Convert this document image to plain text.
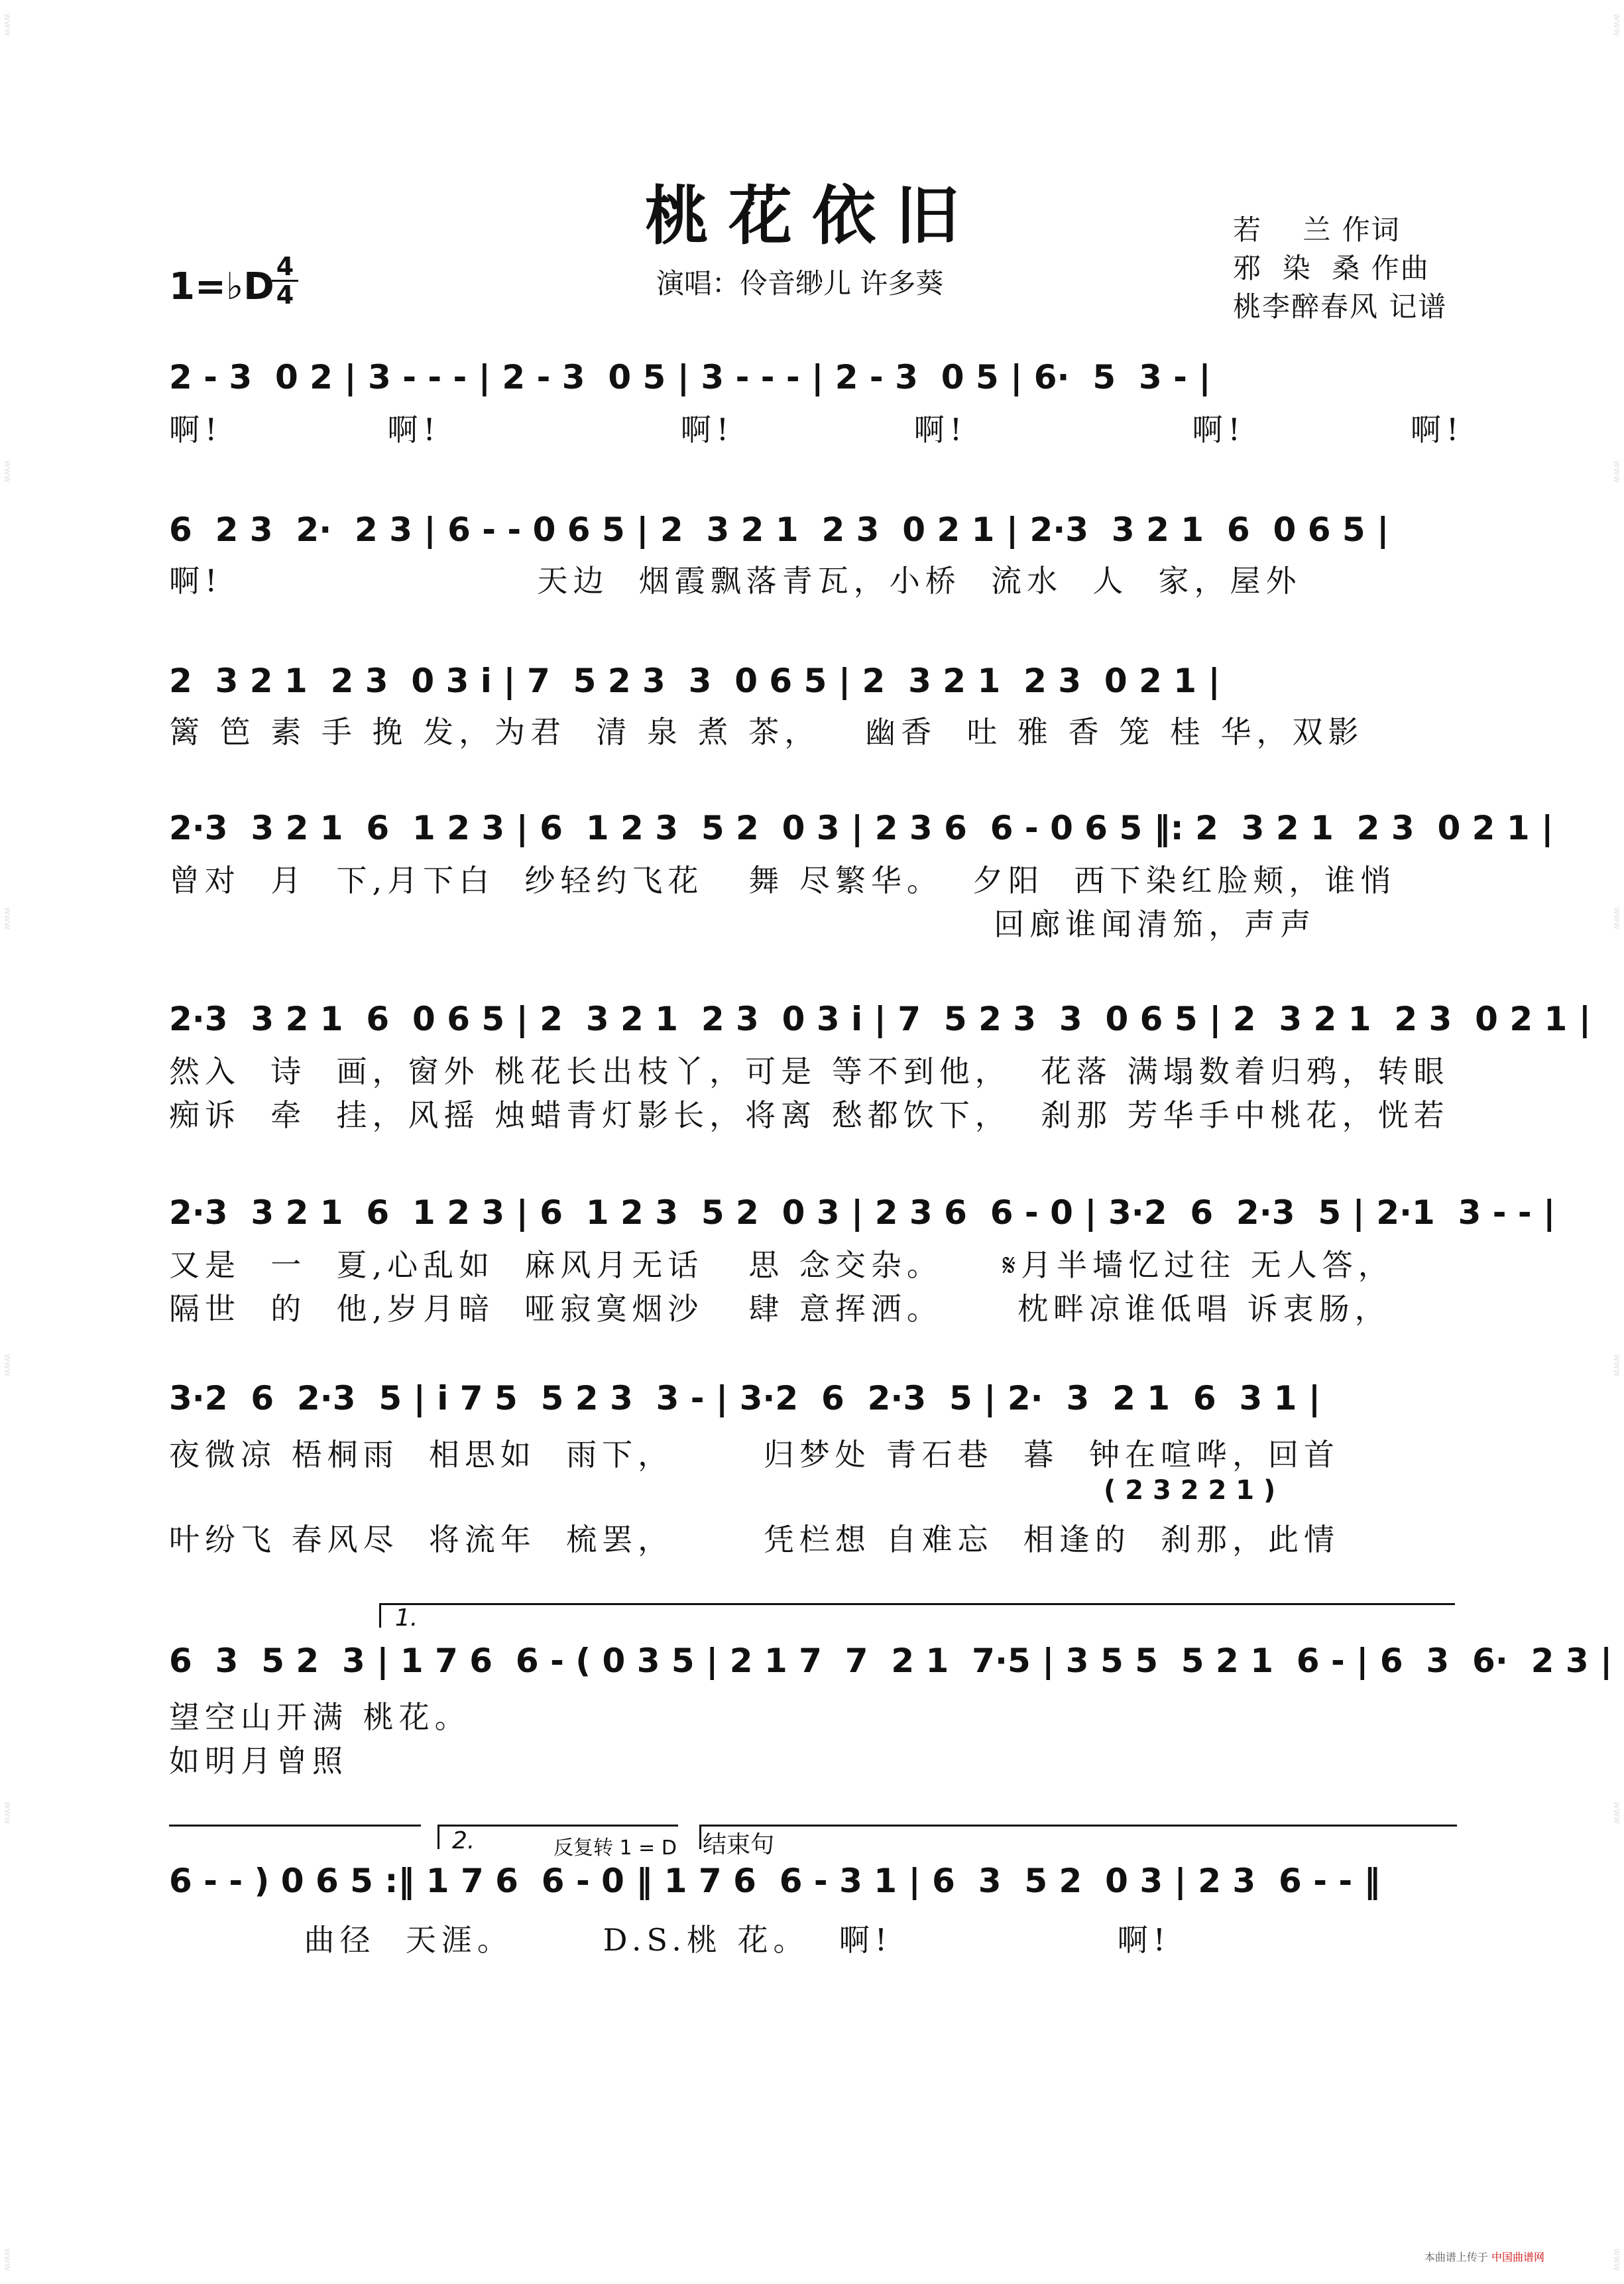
www
www
www
www
www
www
www
www
www
www
www
www
桃花依旧
1=♭D
$\frac{4}{4}$	演唱：伶音缈儿 许多葵
若    兰 作词
邪  染  桑 作曲
桃李醉春风 记谱
2 - 3  0 2 | 3 - - - | 2 - 3  0 5 | 3 - - - | 2 - 3  0 5 | 6·  5  3 - |
啊!           啊!                啊!            啊!               啊!           啊!
6  2 3  2·  2 3 | 6 - - 0 6 5 | 2  3 2 1  2 3  0 2 1 | 2·3  3 2 1  6  0 6 5 |
啊!                     天边  烟霞飘落青瓦，小桥  流水  人  家，屋外
2  3 2 1  2 3  0 3 i | 7  5 2 3  3  0 6 5 | 2  3 2 1  2 3  0 2 1 |
篱 笆 素 手 挽 发，为君  清 泉 煮 茶，   幽香  吐 雅 香 笼 桂 华，双影
2·3  3 2 1  6  1 2 3 | 6  1 2 3  5 2  0 3 | 2 3 6  6 - 0 6 5 ‖: 2  3 2 1  2 3  0 2 1 |
曾对  月  下,月下白  纱轻约飞花   舞 尽繁华。  夕阳  西下染红脸颊，谁悄
回廊谁闻清笳，声声
2·3  3 2 1  6  0 6 5 | 2  3 2 1  2 3  0 3 i | 7  5 2 3  3  0 6 5 | 2  3 2 1  2 3  0 2 1 |
然入  诗  画，窗外 桃花长出枝丫，可是 等不到他，  花落 满塌数着归鸦，转眼
痴诉  牵  挂，风摇 烛蜡青灯影长，将离 愁都饮下，  刹那 芳华手中桃花，恍若
2·3  3 2 1  6  1 2 3 | 6  1 2 3  5 2  0 3 | 2 3 6  6 - 0 | 3·2  6  2·3  5 | 2·1  3 - - |
又是  一  夏,心乱如  麻风月无话   思 念交杂。    𝄋月半墙忆过往 无人答，
隔世  的  他,岁月暗  哑寂寞烟沙   肆 意挥洒。     枕畔凉谁低唱 诉衷肠，
3·2  6  2·3  5 | i 7 5  5 2 3  3 - | 3·2  6  2·3  5 | 2·  3  2 1  6  3 1 |
夜微凉 梧桐雨  相思如  雨下，      归梦处 青石巷  暮  钟在喧哗，回首
( 2 3 2 2 1 )
叶纷飞 春风尽  将流年  梳罢，      凭栏想 自难忘  相逢的  刹那，此情
1.
6  3  5 2  3 | 1 7 6  6 - ( 0 3 5 | 2 1 7  7  2 1  7·5 | 3 5 5  5 2 1  6 - | 6  3  6·  2 3 |
望空山开满 桃花。
如明月曾照
2.	反复转 1 = D 结束句
6 - - ) 0 6 5 :‖ 1 7 6  6 - 0 ‖ 1 7 6  6 - 3 1 | 6  3  5 2  0 3 | 2 3  6 - - ‖
曲径  天涯。      D.S.桃 花。  啊!               啊!
本曲谱上传于 中国曲谱网
